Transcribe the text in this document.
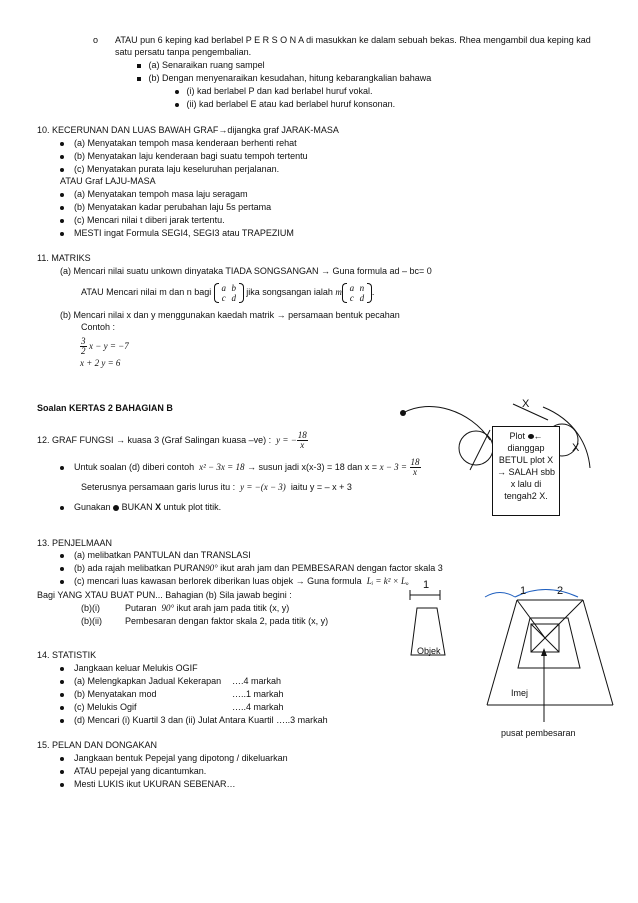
o ATAU pun 6 keping kad berlabel P E R S O N A di masukkan ke dalam sebuah bekas. Rhea mengambil dua keping kad
satu persatu tanpa pengembalian.
(a) Senaraikan ruang sampel
(b) Dengan menyenaraikan kesudahan, hitung kebarangkalian bahawa
(i) kad berlabel P dan kad berlabel huruf vokal.
(ii) kad berlabel E atau kad berlabel huruf konsonan.
10. KECERUNAN DAN LUAS BAWAH GRAF→dijangka graf JARAK-MASA
(a) Menyatakan tempoh masa kenderaan berhenti rehat
(b) Menyatakan laju kenderaan bagi suatu tempoh tertentu
(c) Menyatakan purata laju keseluruhan perjalanan.
ATAU Graf LAJU-MASA
(a) Menyatakan tempoh masa laju seragam
(b) Menyatakan kadar perubahan laju 5s pertama
(c) Mencari nilai t diberi jarak tertentu.
MESTI ingat Formula SEGI4, SEGI3 atau TRAPEZIUM
11. MATRIKS
(a) Mencari nilai suatu unkown dinyataka TIADA SONGSANGAN → Guna formula ad – bc= 0
ATAU Mencari nilai m dan n bagi a b
c d jika songsangan ialah m a n
c d.
(b) Mencari nilai x dan y menggunakan kaedah matrik → persamaan bentuk pecahan
Contoh :
$\frac{3}{2}$ x − y = −7
x + 2 y = 6
Soalan KERTAS 2 BAHAGIAN B
12. GRAF FUNGSI → kuasa 3 (Graf Salingan kuasa –ve) : y = − $\frac{18}{x}$
Untuk soalan (d) diberi contoh x² − 3x = 18 → susun jadi x(x-3) = 18 dan $x = x - 3 = \frac{18}{x}$
Seterusnya persamaan garis lurus itu : y = −(x − 3) iaitu y = – x + 3
Gunakan BUKAN X untuk plot titik.
X
X
Plot ←
dianggap
BETUL plot X
→ SALAH sbb
x lalu di
tengah2 X.
13. PENJELMAAN
(a) melibatkan PANTULAN dan TRANSLASI
(b) ada rajah melibatkan PURAN90° ikut arah jam dan PEMBESARAN dengan factor skala 3
(c) mencari luas kawasan berlorek diberikan luas objek → Guna formula Lᵢ = k² × Lₒ
Bagi YANG XTAU BUAT PUN... Bahagian (b) Sila jawab begini :
(b)(i)	Putaran 90° ikut arah jam pada titik (x, y)
(b)(ii)	Pembesaran dengan faktor skala 2, pada titik (x, y)
1
Objek
1	2
Imej
pusat pembesaran
14. STATISTIK
Jangkaan keluar Melukis OGIF
(a) Melengkapkan Jadual Kekerapan ….4 markah
(b) Menyatakan mod	…..1 markah
(c) Melukis Ogif	…..4 markah
(d) Mencari (i) Kuartil 3 dan (ii) Julat Antara Kuartil …..3 markah
15. PELAN DAN DONGAKAN
Jangkaan bentuk Pepejal yang dipotong / dikeluarkan
ATAU pepejal yang dicantumkan.
Mesti LUKIS ikut UKURAN SEBENAR…
